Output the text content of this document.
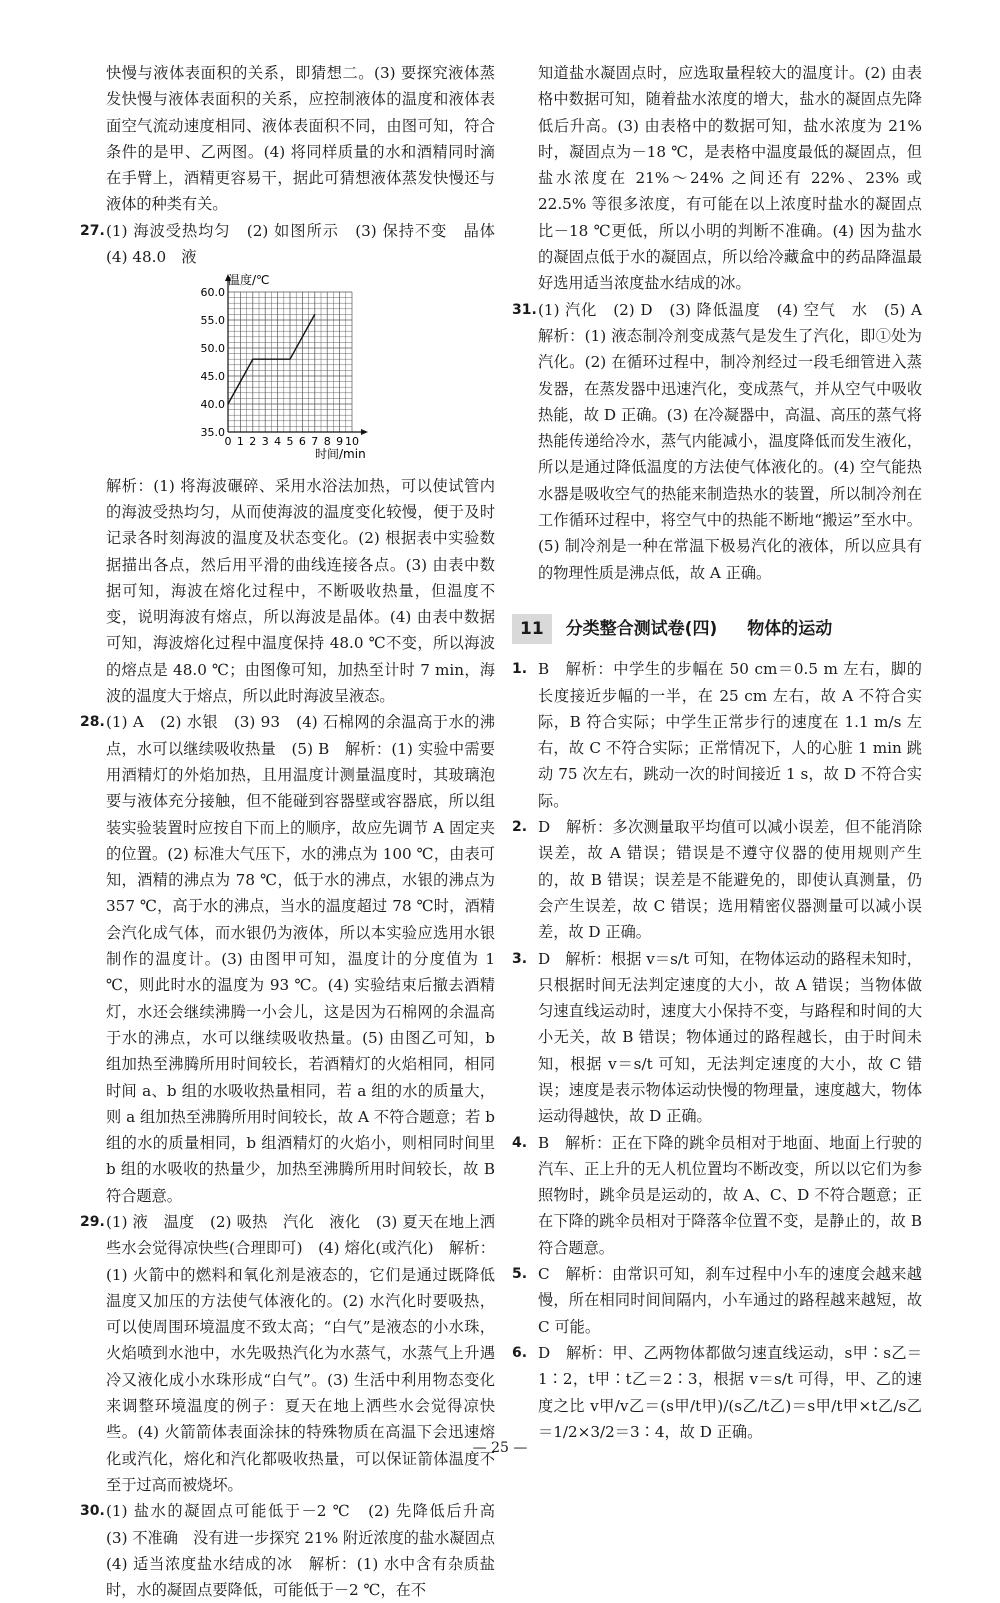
快慢与液体表面积的关系，即猜想二。(3) 要探究液体蒸发快慢与液体表面积的关系，应控制液体的温度和液体表面空气流动速度相同、液体表面积不同，由图可知，符合条件的是甲、乙两图。(4) 将同样质量的水和酒精同时滴在手臂上，酒精更容易干，据此可猜想液体蒸发快慢还与液体的种类有关。
27. (1) 海波受热均匀　(2) 如图所示　(3) 保持不变　晶体　(4) 48.0　液
35.0
40.0
45.0
50.0
55.0
60.0
0 1 2 3 4 5 6 7 8 9 10
温度/℃
时间/min
解析：(1) 将海波碾碎、采用水浴法加热，可以使试管内的海波受热均匀，从而使海波的温度变化较慢，便于及时记录各时刻海波的温度及状态变化。(2) 根据表中实验数据描出各点，然后用平滑的曲线连接各点。(3) 由表中数据可知，海波在熔化过程中，不断吸收热量，但温度不变，说明海波有熔点，所以海波是晶体。(4) 由表中数据可知，海波熔化过程中温度保持 48.0 ℃不变，所以海波的熔点是 48.0 ℃；由图像可知，加热至计时 7 min，海波的温度大于熔点，所以此时海波呈液态。
28. (1) A　(2) 水银　(3) 93　(4) 石棉网的余温高于水的沸点，水可以继续吸收热量　(5) B　解析：(1) 实验中需要用酒精灯的外焰加热，且用温度计测量温度时，其玻璃泡要与液体充分接触，但不能碰到容器壁或容器底，所以组装实验装置时应按自下而上的顺序，故应先调节 A 固定夹的位置。(2) 标准大气压下，水的沸点为 100 ℃，由表可知，酒精的沸点为 78 ℃，低于水的沸点，水银的沸点为 357 ℃，高于水的沸点，当水的温度超过 78 ℃时，酒精会汽化成气体，而水银仍为液体，所以本实验应选用水银制作的温度计。(3) 由图甲可知，温度计的分度值为 1 ℃，则此时水的温度为 93 ℃。(4) 实验结束后撤去酒精灯，水还会继续沸腾一小会儿，这是因为石棉网的余温高于水的沸点，水可以继续吸收热量。(5) 由图乙可知，b 组加热至沸腾所用时间较长，若酒精灯的火焰相同，相同时间 a、b 组的水吸收热量相同，若 a 组的水的质量大，则 a 组加热至沸腾所用时间较长，故 A 不符合题意；若 b 组的水的质量相同，b 组酒精灯的火焰小，则相同时间里 b 组的水吸收的热量少，加热至沸腾所用时间较长，故 B 符合题意。
29. (1) 液　温度　(2) 吸热　汽化　液化　(3) 夏天在地上洒些水会觉得凉快些(合理即可)　(4) 熔化(或汽化)　解析：(1) 火箭中的燃料和氧化剂是液态的，它们是通过既降低温度又加压的方法使气体液化的。(2) 水汽化时要吸热，可以使周围环境温度不致太高；“白气”是液态的小水珠，火焰喷到水池中，水先吸热汽化为水蒸气，水蒸气上升遇冷又液化成小水珠形成“白气”。(3) 生活中利用物态变化来调整环境温度的例子：夏天在地上洒些水会觉得凉快些。(4) 火箭箭体表面涂抹的特殊物质在高温下会迅速熔化或汽化，熔化和汽化都吸收热量，可以保证箭体温度不至于过高而被烧坏。
30. (1) 盐水的凝固点可能低于－2 ℃　(2) 先降低后升高　(3) 不准确　没有进一步探究 21% 附近浓度的盐水凝固点　(4) 适当浓度盐水结成的冰　解析：(1) 水中含有杂质盐时，水的凝固点要降低，可能低于－2 ℃，在不
知道盐水凝固点时，应选取量程较大的温度计。(2) 由表格中数据可知，随着盐水浓度的增大，盐水的凝固点先降低后升高。(3) 由表格中的数据可知，盐水浓度为 21% 时，凝固点为－18 ℃，是表格中温度最低的凝固点，但盐水浓度在 21%～24% 之间还有 22%、23% 或 22.5% 等很多浓度，有可能在以上浓度时盐水的凝固点比－18 ℃更低，所以小明的判断不准确。(4) 因为盐水的凝固点低于水的凝固点，所以给冷藏盒中的药品降温最好选用适当浓度盐水结成的冰。
31. (1) 汽化　(2) D　(3) 降低温度　(4) 空气　水　(5) A　解析：(1) 液态制冷剂变成蒸气是发生了汽化，即①处为汽化。(2) 在循环过程中，制冷剂经过一段毛细管进入蒸发器，在蒸发器中迅速汽化，变成蒸气，并从空气中吸收热能，故 D 正确。(3) 在冷凝器中，高温、高压的蒸气将热能传递给冷水，蒸气内能减小，温度降低而发生液化，所以是通过降低温度的方法使气体液化的。(4) 空气能热水器是吸收空气的热能来制造热水的装置，所以制冷剂在工作循环过程中，将空气中的热能不断地“搬运”至水中。(5) 制冷剂是一种在常温下极易汽化的液体，所以应具有的物理性质是沸点低，故 A 正确。
11	分类整合测试卷(四) 物体的运动
1. B　解析：中学生的步幅在 50 cm＝0.5 m 左右，脚的长度接近步幅的一半，在 25 cm 左右，故 A 不符合实际，B 符合实际；中学生正常步行的速度在 1.1 m/s 左右，故 C 不符合实际；正常情况下，人的心脏 1 min 跳动 75 次左右，跳动一次的时间接近 1 s，故 D 不符合实际。
2. D　解析：多次测量取平均值可以减小误差，但不能消除误差，故 A 错误；错误是不遵守仪器的使用规则产生的，故 B 错误；误差是不能避免的，即使认真测量，仍会产生误差，故 C 错误；选用精密仪器测量可以减小误差，故 D 正确。
3. D　解析：根据 v＝s/t 可知，在物体运动的路程未知时，只根据时间无法判定速度的大小，故 A 错误；当物体做匀速直线运动时，速度大小保持不变，与路程和时间的大小无关，故 B 错误；物体通过的路程越长，由于时间未知，根据 v＝s/t 可知，无法判定速度的大小，故 C 错误；速度是表示物体运动快慢的物理量，速度越大，物体运动得越快，故 D 正确。
4. B　解析：正在下降的跳伞员相对于地面、地面上行驶的汽车、正上升的无人机位置均不断改变，所以以它们为参照物时，跳伞员是运动的，故 A、C、D 不符合题意；正在下降的跳伞员相对于降落伞位置不变，是静止的，故 B 符合题意。
5. C　解析：由常识可知，刹车过程中小车的速度会越来越慢，所在相同时间间隔内，小车通过的路程越来越短，故 C 可能。
6. D　解析：甲、乙两物体都做匀速直线运动，s甲∶s乙＝1∶2，t甲∶t乙＝2∶3，根据 v＝s/t 可得，甲、乙的速度之比 v甲/v乙＝(s甲/t甲)/(s乙/t乙)＝s甲/t甲×t乙/s乙＝1/2×3/2＝3∶4，故 D 正确。
— 25 —
